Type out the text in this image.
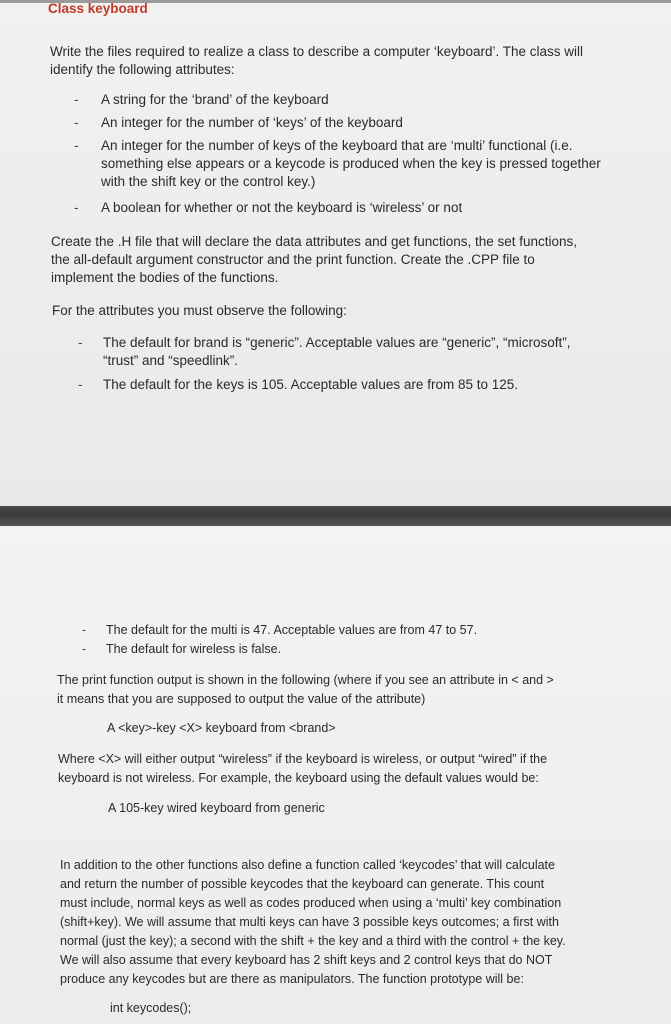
Class keyboard
Write the files required to realize a class to describe a computer ‘keyboard’. The class will
identify the following attributes:
- A string for the ‘brand’ of the keyboard
- An integer for the number of ‘keys’ of the keyboard
- An integer for the number of keys of the keyboard that are ‘multi’ functional (i.e.
something else appears or a keycode is produced when the key is pressed together
with the shift key or the control key.)
- A boolean for whether or not the keyboard is ‘wireless’ or not
Create the .H file that will declare the data attributes and get functions, the set functions,
the all-default argument constructor and the print function. Create the .CPP file to
implement the bodies of the functions.
For the attributes you must observe the following:
- The default for brand is “generic”. Acceptable values are “generic”, “microsoft”,
“trust” and “speedlink”.
- The default for the keys is 105. Acceptable values are from 85 to 125.
- The default for the multi is 47. Acceptable values are from 47 to 57.
- The default for wireless is false.
The print function output is shown in the following (where if you see an attribute in < and >
it means that you are supposed to output the value of the attribute)
A <key>-key <X> keyboard from <brand>
Where <X> will either output “wireless” if the keyboard is wireless, or output “wired” if the
keyboard is not wireless. For example, the keyboard using the default values would be:
A 105-key wired keyboard from generic
In addition to the other functions also define a function called ‘keycodes’ that will calculate
and return the number of possible keycodes that the keyboard can generate. This count
must include, normal keys as well as codes produced when using a ‘multi’ key combination
(shift+key). We will assume that multi keys can have 3 possible keys outcomes; a first with
normal (just the key); a second with the shift + the key and a third with the control + the key.
We will also assume that every keyboard has 2 shift keys and 2 control keys that do NOT
produce any keycodes but are there as manipulators. The function prototype will be:
int keycodes();
